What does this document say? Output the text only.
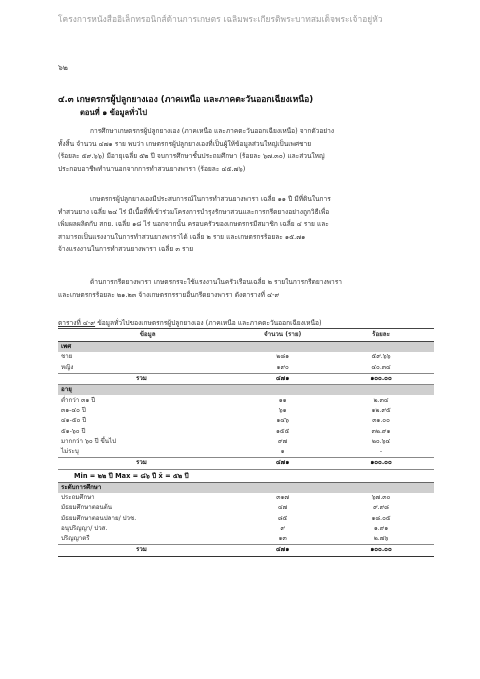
โครงการหนังสืออิเล็กทรอนิกส์ด้านการเกษตร เฉลิมพระเกียรติพระบาทสมเด็จพระเจ้าอยู่หัว
๖๒
๔.๓ เกษตรกรผู้ปลูกยางเอง (ภาคเหนือ และภาคตะวันออกเฉียงเหนือ)
ตอนที่ ๑ ข้อมูลทั่วไป

การศึกษาเกษตรกรผู้ปลูกยางเอง (ภาคเหนือ และภาคตะวันออกเฉียงเหนือ) จากตัวอย่าง

ทั้งสิ้น จำนวน ๔๗๑ ราย พบว่า เกษตรกรผู้ปลูกยางเองที่เป็นผู้ให้ข้อมูลส่วนใหญ่เป็นเพศชาย

(ร้อยละ ๕๙.๖๖) มีอายุเฉลี่ย ๕๒ ปี จบการศึกษาชั้นประถมศึกษา (ร้อยละ ๖๗.๓๐) และส่วนใหญ่

ประกอบอาชีพทำนานอกจากการทำสวนยางพารา (ร้อยละ ๔๕.๗๖)

เกษตรกรผู้ปลูกยางเองมีประสบการณ์ในการทำสวนยางพารา เฉลี่ย ๑๑ ปี มีที่ดินในการ

ทำสวนยาง เฉลี่ย ๒๔ ไร่ มีเนื้อที่ที่เข้าร่วมโครงการบำรุงรักษาสวนและการกรีดยางอย่างถูกวิธีเพื่อ

เพิ่มผลผลิตกับ สกย. เฉลี่ย ๑๘ ไร่ นอกจากนั้น ครอบครัวของเกษตรกรมีสมาชิก เฉลี่ย ๔ ราย และ

สามารถเป็นแรงงานในการทำสวนยางพาราได้ เฉลี่ย ๒ ราย และเกษตรกรร้อยละ ๑๕.๗๑

จ้างแรงงานในการทำสวนยางพารา เฉลี่ย ๓ ราย

ด้านการกรีดยางพารา เกษตรกรจะใช้แรงงานในครัวเรือนเฉลี่ย ๒ รายในการกรีดยางพารา

และเกษตรกรร้อยละ ๒๑.๒๓ จ้างเกษตรกรรายอื่นกรีดยางพารา ดังตารางที่ ๔-๙

ตารางที่ ๔-๙ ข้อมูลทั่วไปของเกษตรกรผู้ปลูกยางเอง (ภาคเหนือ และภาคตะวันออกเฉียงเหนือ)
ข้อมูล	จำนวน (ราย)	ร้อยละ
เพศ		
ชาย	๒๘๑	๕๙.๖๖
หญิง	๑๙๐	๔๐.๓๔
รวม	๔๗๑	๑๐๐.๐๐
อายุ		
ต่ำกว่า ๓๑ ปี	๑๑	๒.๓๔
๓๑-๔๐ ปี	๖๑	๑๒.๙๕
๔๑-๕๐ ปี	๑๔๖	๓๑.๐๐
๕๑-๖๐ ปี	๑๕๕	๓๒.๙๑
มากกว่า ๖๐ ปี ขึ้นไป	๙๗	๒๐.๖๔
ไม่ระบุ	๑	-
รวม	๔๗๑	๑๐๐.๐๐
Min = ๒๒ ปี Max = ๘๖ ปี x̄ = ๕๒ ปี		
ระดับการศึกษา		
ประถมศึกษา	๓๑๗	๖๗.๓๐
มัธยมศึกษาตอนต้น	๔๗	๙.๙๘
มัธยมศึกษาตอนปลาย/ ปวช.	๘๕	๑๘.๐๕
อนุปริญญา/ ปวส.	๙	๑.๙๑
ปริญญาตรี	๑๓	๒.๗๖
รวม	๔๗๑	๑๐๐.๐๐
